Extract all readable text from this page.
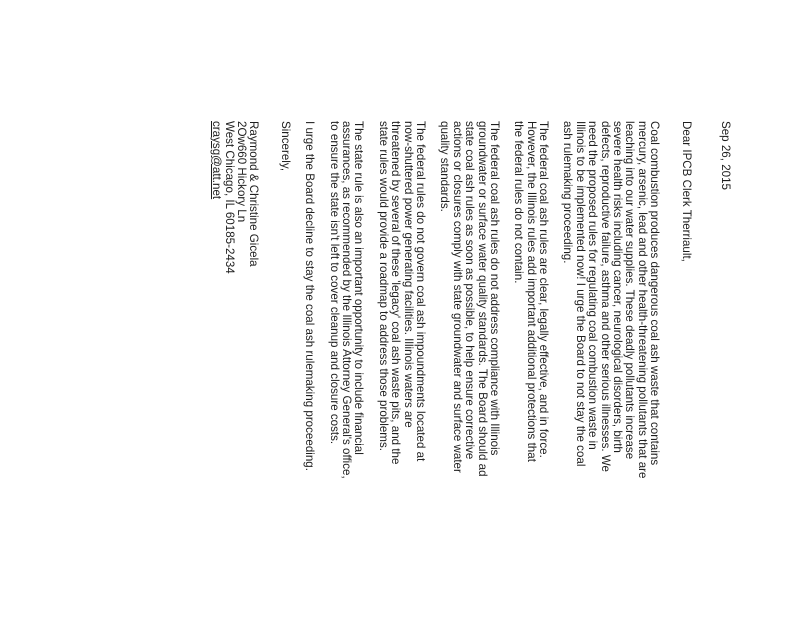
Sep 26, 2015
Dear IPCB Clerk Therriault,
Coal combustion produces dangerous coal ash waste that contains
mercury, arsenic, lead and other health-threatening pollutants that are
leaching into our water supplies. These deadly pollutants increase
severe health risks including cancer, neurological disorders, birth
defects, reproductive failure, asthma and other serious illnesses. We
need the proposed rules for regulating coal combustion waste in
Illinois to be implemented now! I urge the Board to not stay the coal
ash rulemaking proceeding.
The federal coal ash rules are clear, legally effective, and in force.
However, the Illinois rules add important additional protections that
the federal rules do not contain.
The federal coal ash rules do not address compliance with Illinois
groundwater or surface water quality standards. The Board should ad
state coal ash rules as soon as possible, to help ensure corrective
actions or closures comply with state groundwater and surface water
quality standards.
The federal rules do not govern coal ash impoundments located at
now-shuttered power generating facilities. Illinois waters are
threatened by several of these 'legacy' coal ash waste pits, and the
state rules would provide a roadmap to address those problems.
The state rule is also an important opportunity to include financial
assurances, as recommended by the Illinois Attorney General's office,
to ensure the state isn't left to cover cleanup and closure costs.
I urge the Board decline to stay the coal ash rulemaking proceeding.
Sincerely,
Raymond & Christine Gicela
2Ow660 Hickory Ln
West Chicago, IL 60185-2434
craysg@att.net
